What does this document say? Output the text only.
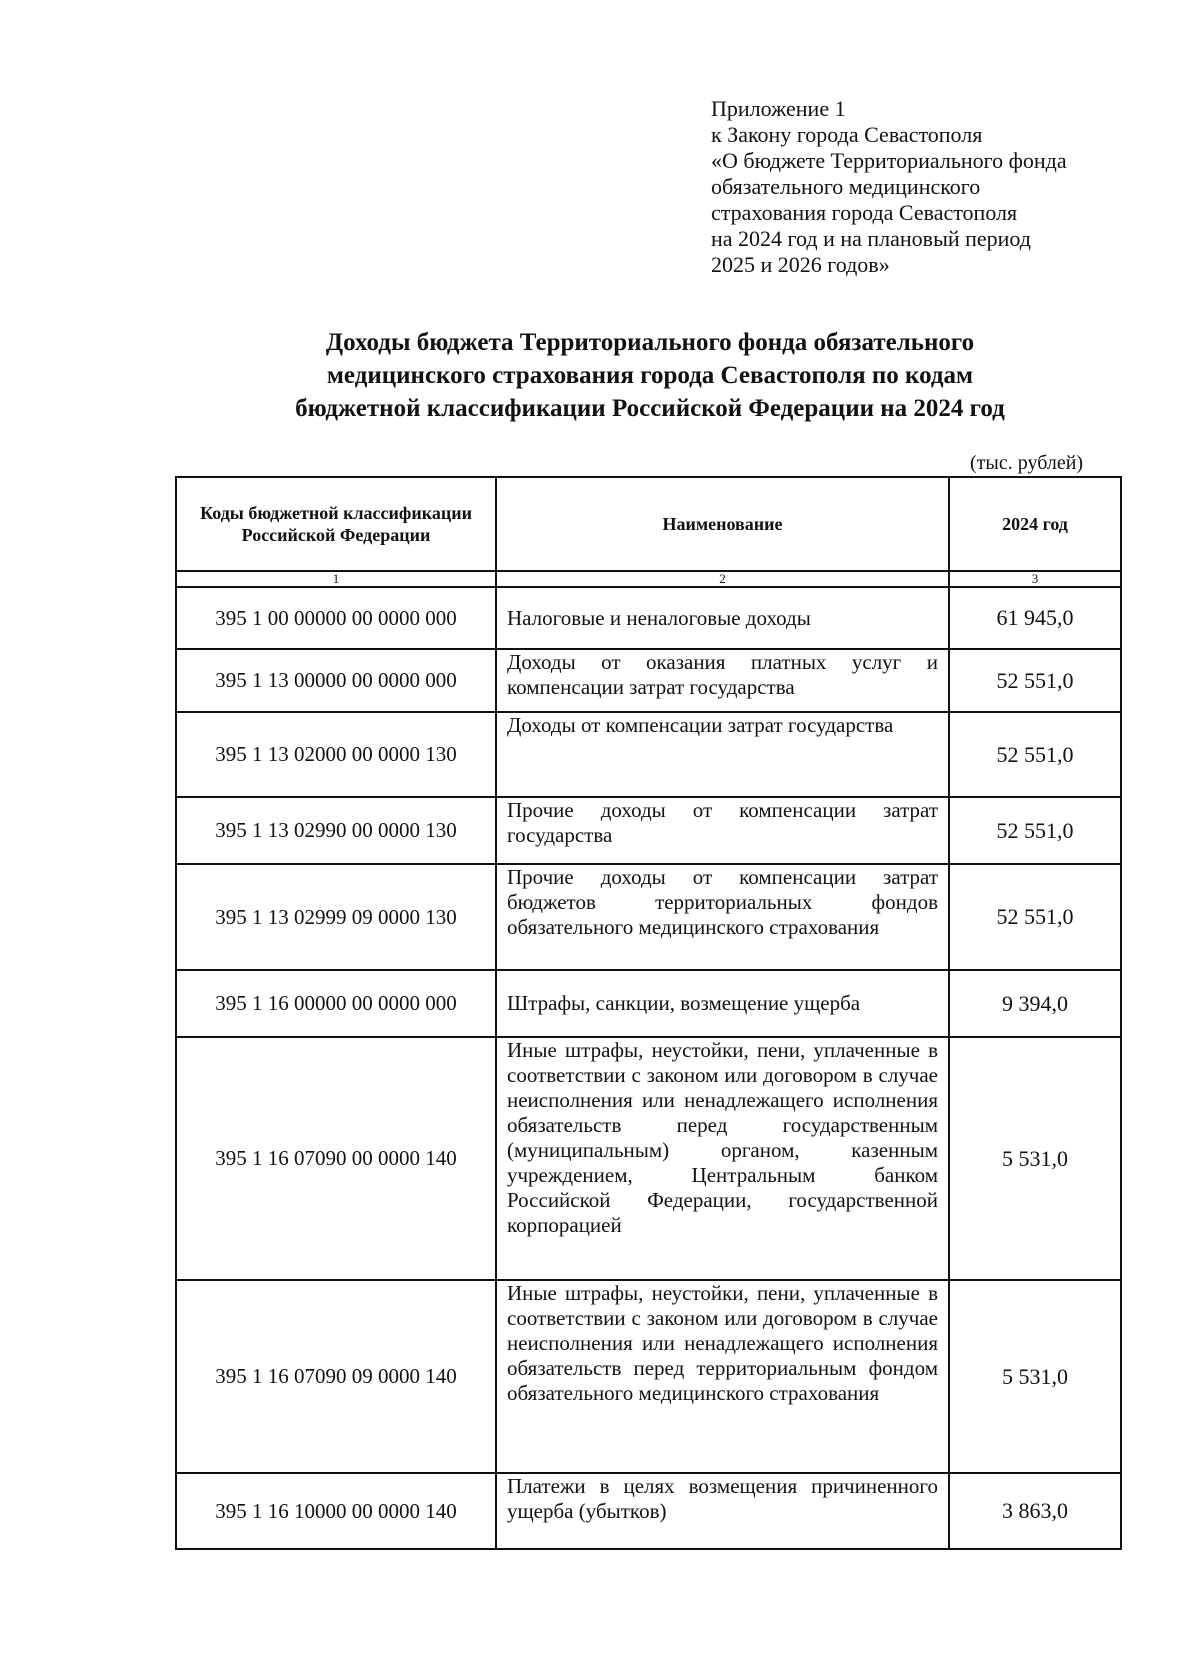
Приложение 1
к Закону города Севастополя
«О бюджете Территориального фонда
обязательного медицинского
страхования города Севастополя
на 2024 год и на плановый период
2025 и 2026 годов»
Доходы бюджета Территориального фонда обязательного
медицинского страхования города Севастополя по кодам
бюджетной классификации Российской Федерации на 2024 год
(тыс. рублей)
Коды бюджетной классификации Российской Федерации	Наименование	2024 год
1	2	3
395 1 00 00000 00 0000 000	Налоговые и неналоговые доходы	61 945,0
395 1 13 00000 00 0000 000	Доходы от оказания платных услуг и компенсации затрат государства	52 551,0
395 1 13 02000 00 0000 130	Доходы от компенсации затрат государства	52 551,0
395 1 13 02990 00 0000 130	Прочие доходы от компенсации затрат государства	52 551,0
395 1 13 02999 09 0000 130	Прочие доходы от компенсации затрат бюджетов территориальных фондов обязательного медицинского страхования	52 551,0
395 1 16 00000 00 0000 000	Штрафы, санкции, возмещение ущерба	9 394,0
395 1 16 07090 00 0000 140	Иные штрафы, неустойки, пени, уплаченные в соответствии с законом или договором в случае неисполнения или ненадлежащего исполнения обязательств перед государственным (муниципальным) органом, казенным учреждением, Центральным банком Российской Федерации, государственной корпорацией	5 531,0
395 1 16 07090 09 0000 140	Иные штрафы, неустойки, пени, уплаченные в соответствии с законом или договором в случае неисполнения или ненадлежащего исполнения обязательств перед территориальным фондом обязательного медицинского страхования	5 531,0
395 1 16 10000 00 0000 140	Платежи в целях возмещения причиненного ущерба (убытков)	3 863,0
